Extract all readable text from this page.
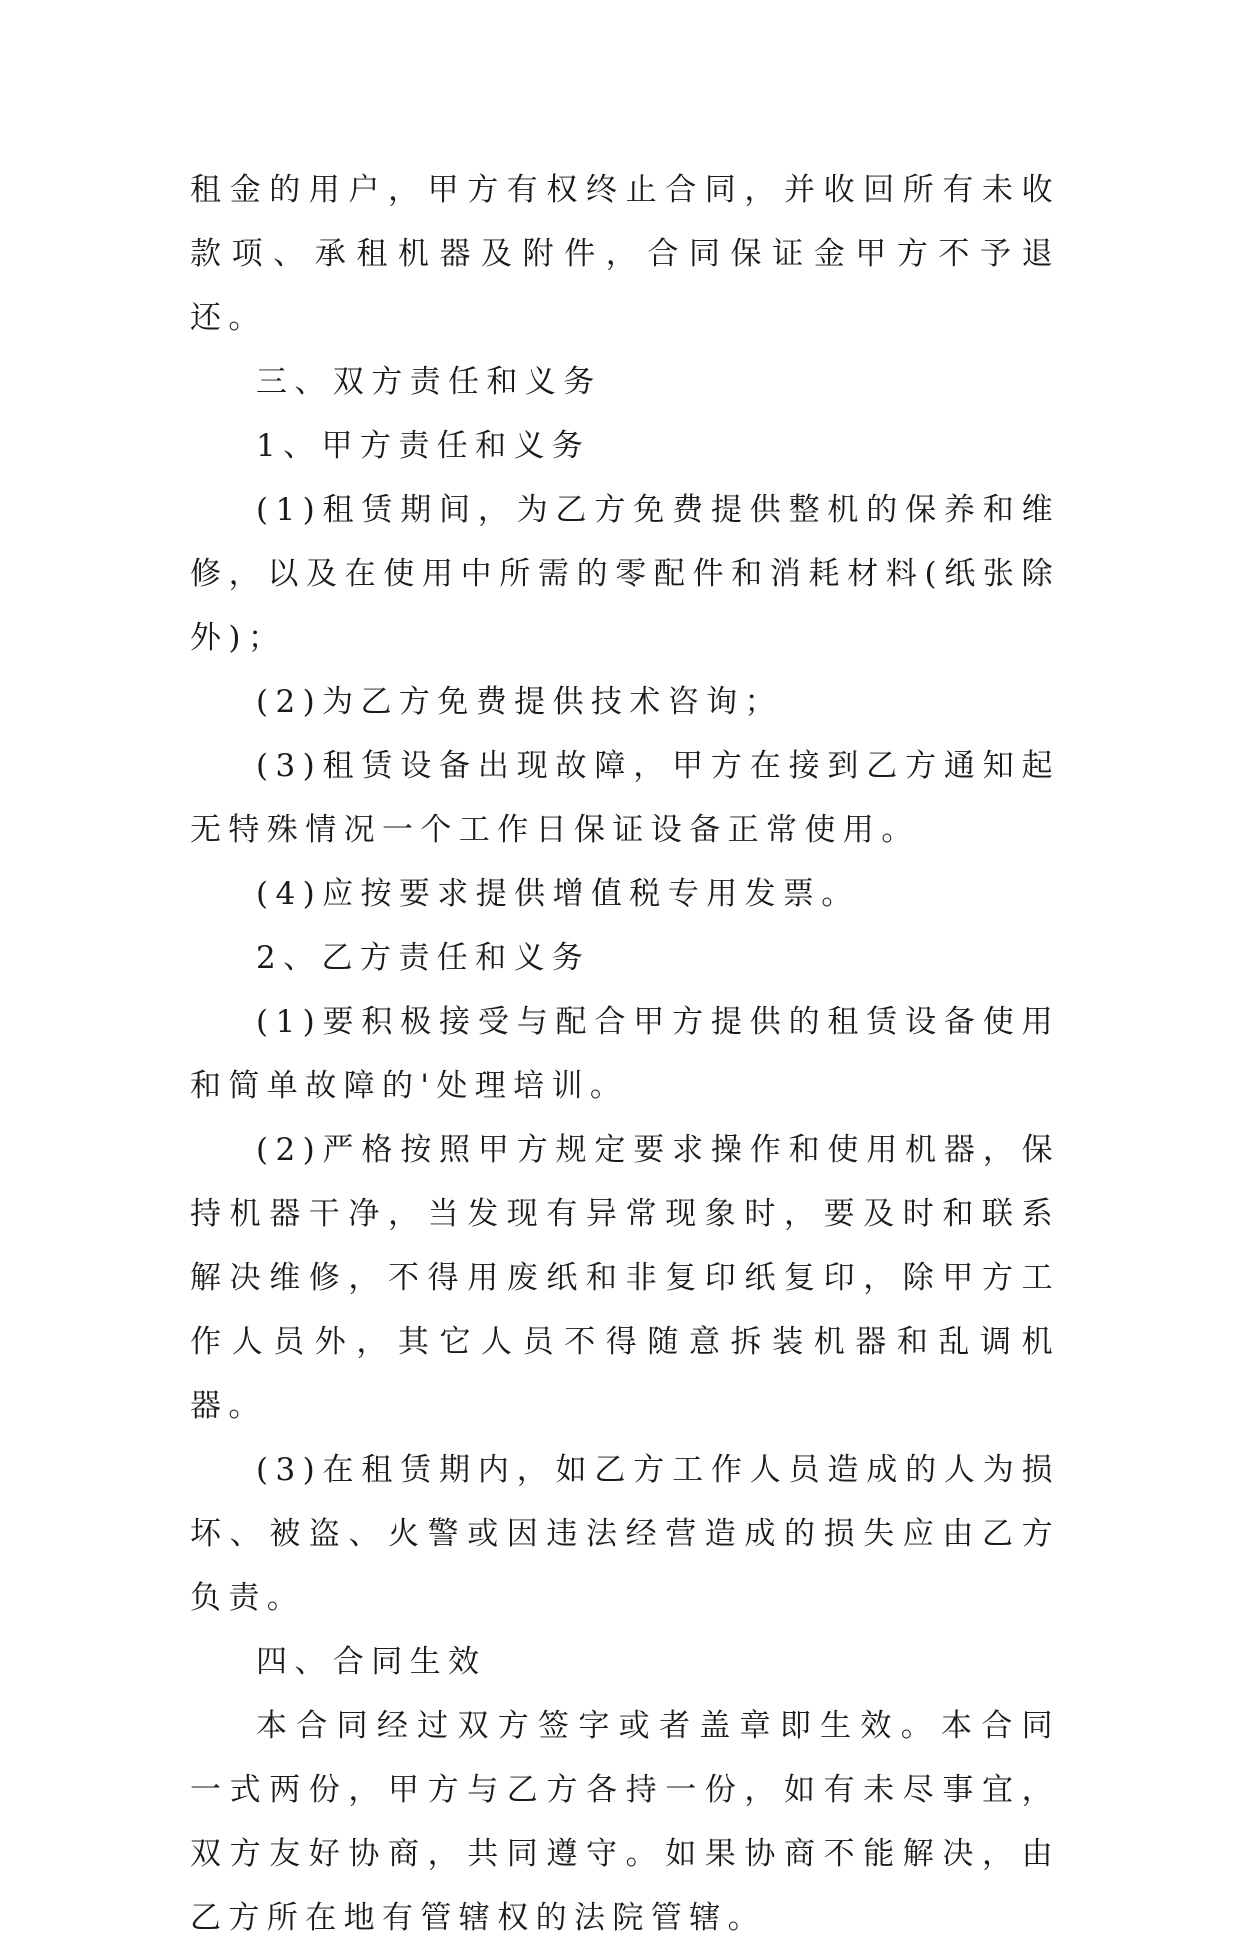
租金的用户，甲方有权终止合同，并收回所有未收款项、承租机器及附件，合同保证金甲方不予退还。

三、双方责任和义务

1、甲方责任和义务

(1)租赁期间，为乙方免费提供整机的保养和维修，以及在使用中所需的零配件和消耗材料(纸张除外)；

(2)为乙方免费提供技术咨询；

(3)租赁设备出现故障，甲方在接到乙方通知起无特殊情况一个工作日保证设备正常使用。

(4)应按要求提供增值税专用发票。

2、乙方责任和义务

(1)要积极接受与配合甲方提供的租赁设备使用和简单故障的'处理培训。

(2)严格按照甲方规定要求操作和使用机器，保持机器干净，当发现有异常现象时，要及时和联系解决维修，不得用废纸和非复印纸复印，除甲方工作人员外，其它人员不得随意拆装机器和乱调机器。

(3)在租赁期内，如乙方工作人员造成的人为损坏、被盗、火警或因违法经营造成的损失应由乙方负责。

四、合同生效

本合同经过双方签字或者盖章即生效。本合同一式两份，甲方与乙方各持一份，如有未尽事宜，双方友好协商，共同遵守。如果协商不能解决，由乙方所在地有管辖权的法院管辖。
